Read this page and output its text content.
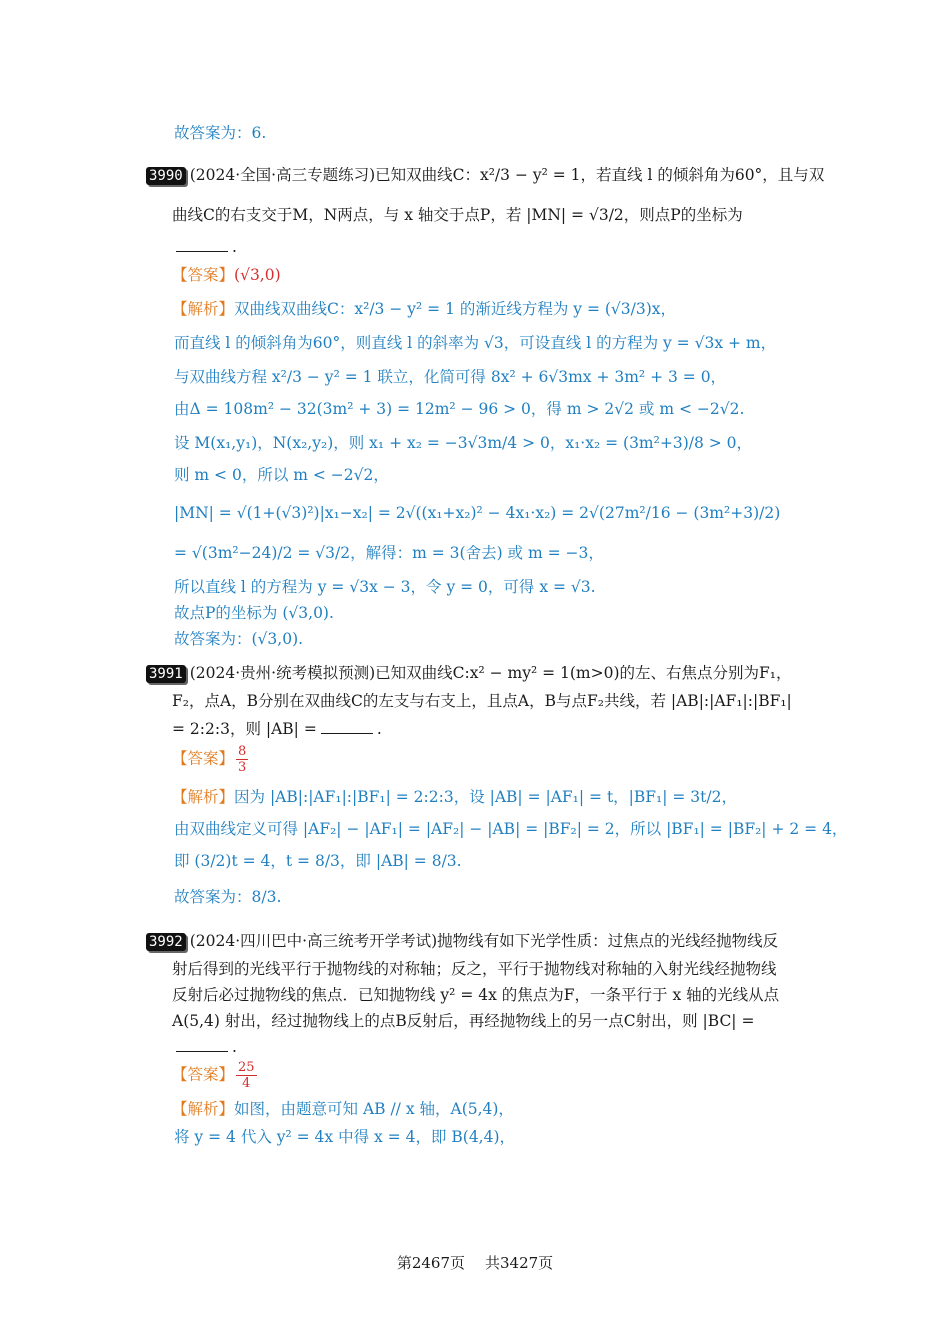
故答案为：6.
3990 (2024·全国·高三专题练习)已知双曲线C：x²/3 − y² = 1，若直线 l 的倾斜角为60°，且与双
曲线C的右支交于M，N两点，与 x 轴交于点P，若 |MN| = √3/2，则点P的坐标为
.
【答案】(√3,0)
【解析】双曲线双曲线C：x²/3 − y² = 1 的渐近线方程为 y = (√3/3)x，
而直线 l 的倾斜角为60°，则直线 l 的斜率为 √3，可设直线 l 的方程为 y = √3x + m，
与双曲线方程 x²/3 − y² = 1 联立，化简可得 8x² + 6√3mx + 3m² + 3 = 0，
由Δ = 108m² − 32(3m² + 3) = 12m² − 96 > 0，得 m > 2√2 或 m < −2√2.
设 M(x₁,y₁)，N(x₂,y₂)，则 x₁ + x₂ = −3√3m/4 > 0，x₁·x₂ = (3m²+3)/8 > 0，
则 m < 0，所以 m < −2√2，
|MN| = √(1+(√3)²)|x₁−x₂| = 2√((x₁+x₂)² − 4x₁·x₂) = 2√(27m²/16 − (3m²+3)/2)
= √(3m²−24)/2 = √3/2，解得：m = 3(舍去) 或 m = −3，
所以直线 l 的方程为 y = √3x − 3，令 y = 0，可得 x = √3.
故点P的坐标为 (√3,0).
故答案为：(√3,0).
3991 (2024·贵州·统考模拟预测)已知双曲线C:x² − my² = 1(m>0)的左、右焦点分别为F₁，
F₂，点A，B分别在双曲线C的左支与右支上，且点A，B与点F₂共线，若 |AB|:|AF₁|:|BF₁|
= 2:2:3，则 |AB| =	.
【答案】 $\frac{8}{3}$
【解析】因为 |AB|:|AF₁|:|BF₁| = 2:2:3，设 |AB| = |AF₁| = t，|BF₁| = 3t/2，
由双曲线定义可得 |AF₂| − |AF₁| = |AF₂| − |AB| = |BF₂| = 2，所以 |BF₁| = |BF₂| + 2 = 4，
即 (3/2)t = 4，t = 8/3，即 |AB| = 8/3.
故答案为：8/3.
3992 (2024·四川巴中·高三统考开学考试)抛物线有如下光学性质：过焦点的光线经抛物线反
射后得到的光线平行于抛物线的对称轴；反之，平行于抛物线对称轴的入射光线经抛物线
反射后必过抛物线的焦点．已知抛物线 y² = 4x 的焦点为F，一条平行于 x 轴的光线从点
A(5,4) 射出，经过抛物线上的点B反射后，再经抛物线上的另一点C射出，则 |BC| =
.
【答案】 $\frac{25}{4}$
【解析】如图，由题意可知 AB // x 轴，A(5,4)，
将 y = 4 代入 y² = 4x 中得 x = 4，即 B(4,4)，
第2467页 共3427页
